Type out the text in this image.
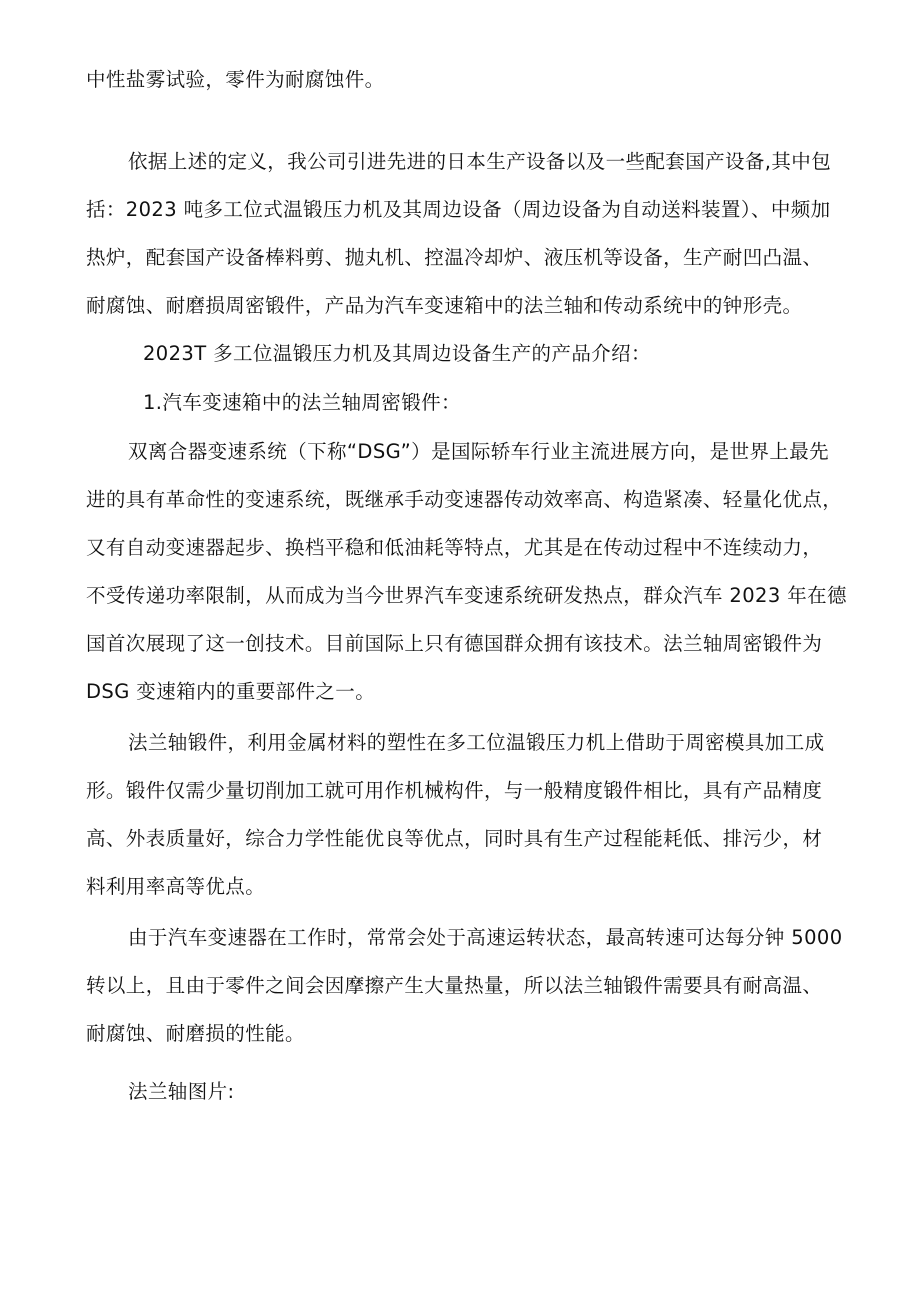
中性盐雾试验，零件为耐腐蚀件。

依据上述的定义，我公司引进先进的日本生产设备以及一些配套国产设备,其中包

括：2023 吨多工位式温锻压力机及其周边设备（周边设备为自动送料装置）、中频加

热炉，配套国产设备棒料剪、抛丸机、控温冷却炉、液压机等设备，生产耐凹凸温、

耐腐蚀、耐磨损周密锻件，产品为汽车变速箱中的法兰轴和传动系统中的钟形壳。

2023T 多工位温锻压力机及其周边设备生产的产品介绍：

1.汽车变速箱中的法兰轴周密锻件：

双离合器变速系统（下称“DSG”）是国际轿车行业主流进展方向，是世界上最先

进的具有革命性的变速系统，既继承手动变速器传动效率高、构造紧凑、轻量化优点，

又有自动变速器起步、换档平稳和低油耗等特点，尤其是在传动过程中不连续动力，

不受传递功率限制，从而成为当今世界汽车变速系统研发热点，群众汽车 2023 年在德

国首次展现了这一创技术。目前国际上只有德国群众拥有该技术。法兰轴周密锻件为

DSG 变速箱内的重要部件之一。

法兰轴锻件，利用金属材料的塑性在多工位温锻压力机上借助于周密模具加工成

形。锻件仅需少量切削加工就可用作机械构件，与一般精度锻件相比，具有产品精度

高、外表质量好，综合力学性能优良等优点，同时具有生产过程能耗低、排污少，材

料利用率高等优点。

由于汽车变速器在工作时，常常会处于高速运转状态，最高转速可达每分钟 5000

转以上，且由于零件之间会因摩擦产生大量热量，所以法兰轴锻件需要具有耐高温、

耐腐蚀、耐磨损的性能。

法兰轴图片:
